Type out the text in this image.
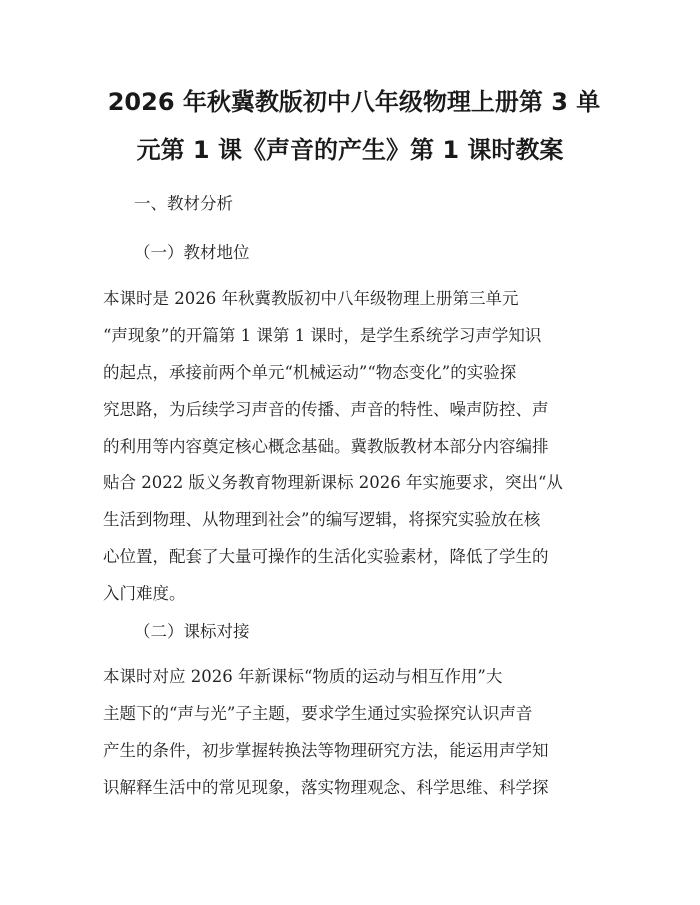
2026 年秋冀教版初中八年级物理上册第 3 单
元第 1 课《声音的产生》第 1 课时教案
一、教材分析
（一）教材地位
本课时是 2026 年秋冀教版初中八年级物理上册第三单元
“声现象”的开篇第 1 课第 1 课时，是学生系统学习声学知识
的起点，承接前两个单元“机械运动”“物态变化”的实验探
究思路，为后续学习声音的传播、声音的特性、噪声防控、声
的利用等内容奠定核心概念基础。冀教版教材本部分内容编排
贴合 2022 版义务教育物理新课标 2026 年实施要求，突出“从
生活到物理、从物理到社会”的编写逻辑，将探究实验放在核
心位置，配套了大量可操作的生活化实验素材，降低了学生的
入门难度。
（二）课标对接
本课时对应 2026 年新课标“物质的运动与相互作用”大
主题下的“声与光”子主题，要求学生通过实验探究认识声音
产生的条件，初步掌握转换法等物理研究方法，能运用声学知
识解释生活中的常见现象，落实物理观念、科学思维、科学探
